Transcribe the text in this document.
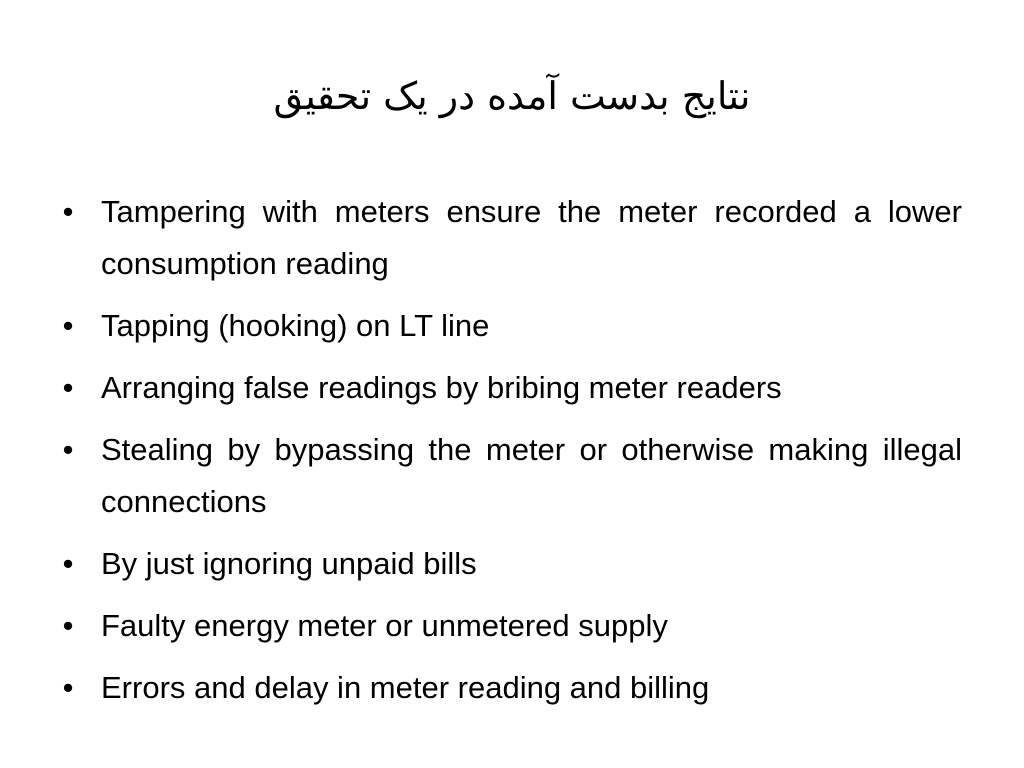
نتایج بدست آمده در یک تحقیق
• Tampering with meters ensure the meter recorded a lower consumption reading
• Tapping (hooking) on LT line
• Arranging false readings by bribing meter readers
• Stealing by bypassing the meter or otherwise making illegal connections
• By just ignoring unpaid bills
• Faulty energy meter or unmetered supply
• Errors and delay in meter reading and billing
